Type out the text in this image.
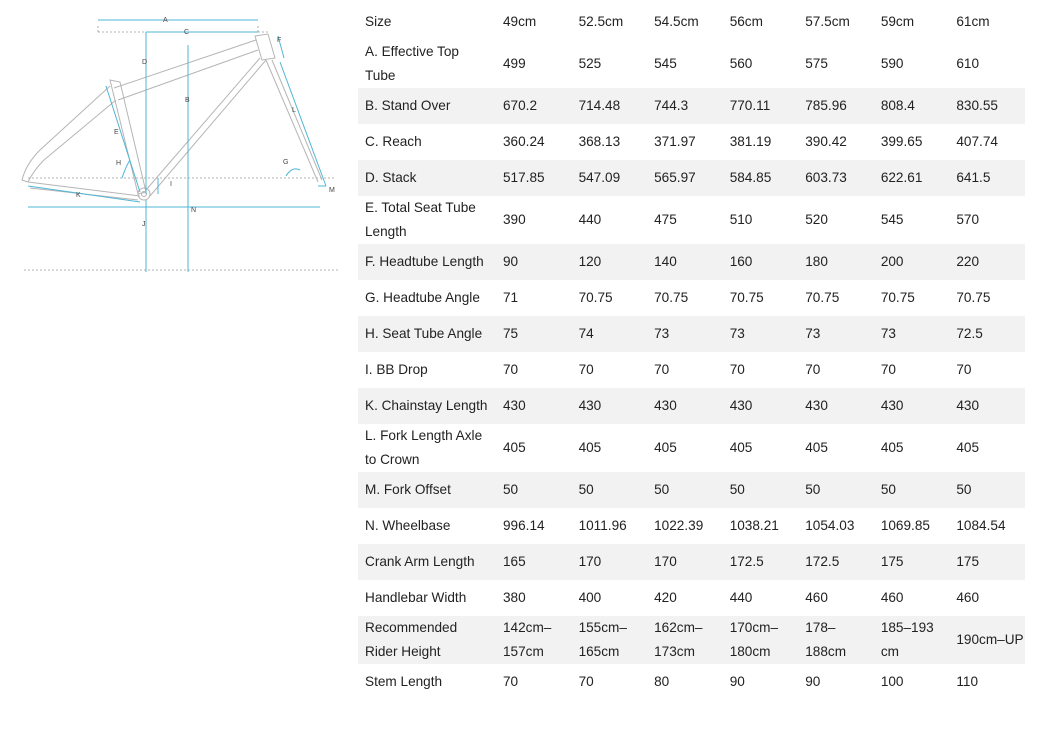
A
B
C
D
E
F
G
H
I
J
K
L
M
N
Size	49cm	52.5cm	54.5cm	56cm	57.5cm	59cm	61cm
A. Effective Top Tube	499	525	545	560	575	590	610
B. Stand Over	670.2	714.48	744.3	770.11	785.96	808.4	830.55
C. Reach	360.24	368.13	371.97	381.19	390.42	399.65	407.74
D. Stack	517.85	547.09	565.97	584.85	603.73	622.61	641.5
E. Total Seat Tube Length	390	440	475	510	520	545	570
F. Headtube Length	90	120	140	160	180	200	220
G. Headtube Angle	71	70.75	70.75	70.75	70.75	70.75	70.75
H. Seat Tube Angle	75	74	73	73	73	73	72.5
I. BB Drop	70	70	70	70	70	70	70
K. Chainstay Length	430	430	430	430	430	430	430
L. Fork Length Axle to Crown	405	405	405	405	405	405	405
M. Fork Offset	50	50	50	50	50	50	50
N. Wheelbase	996.14	1011.96	1022.39	1038.21	1054.03	1069.85	1084.54
Crank Arm Length	165	170	170	172.5	172.5	175	175
Handlebar Width	380	400	420	440	460	460	460
Recommended Rider Height	142cm–157cm	155cm–165cm	162cm–173cm	170cm–180cm	178–188cm	185–193 cm	190cm–UP
Stem Length	70	70	80	90	90	100	110
